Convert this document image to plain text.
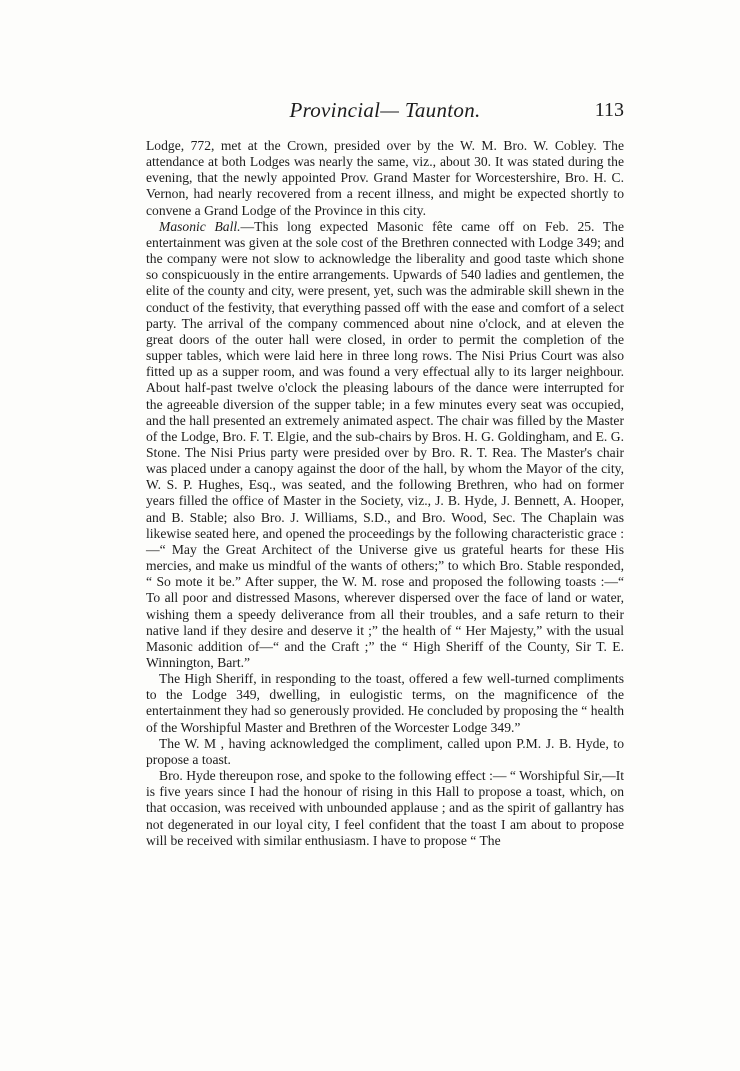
Provincial— Taunton.	113

Lodge, 772, met at the Crown, presided over by the W. M. Bro. W. Cobley. The attendance at both Lodges was nearly the same, viz., about 30. It was stated during the evening, that the newly appointed Prov. Grand Master for Worcestershire, Bro. H. C. Vernon, had nearly recovered from a recent illness, and might be expected shortly to convene a Grand Lodge of the Province in this city.

Masonic Ball.—This long expected Masonic fête came off on Feb. 25. The entertainment was given at the sole cost of the Brethren connected with Lodge 349; and the company were not slow to acknowledge the liberality and good taste which shone so conspicuously in the entire arrangements. Upwards of 540 ladies and gentlemen, the elite of the county and city, were present, yet, such was the admirable skill shewn in the conduct of the festivity, that everything passed off with the ease and comfort of a select party. The arrival of the company commenced about nine o'clock, and at eleven the great doors of the outer hall were closed, in order to permit the completion of the supper tables, which were laid here in three long rows. The Nisi Prius Court was also fitted up as a supper room, and was found a very effectual ally to its larger neighbour. About half-past twelve o'clock the pleasing labours of the dance were interrupted for the agreeable diversion of the supper table; in a few minutes every seat was occupied, and the hall presented an extremely animated aspect. The chair was filled by the Master of the Lodge, Bro. F. T. Elgie, and the sub-chairs by Bros. H. G. Goldingham, and E. G. Stone. The Nisi Prius party were presided over by Bro. R. T. Rea. The Master's chair was placed under a canopy against the door of the hall, by whom the Mayor of the city, W. S. P. Hughes, Esq., was seated, and the following Brethren, who had on former years filled the office of Master in the Society, viz., J. B. Hyde, J. Bennett, A. Hooper, and B. Stable; also Bro. J. Williams, S.D., and Bro. Wood, Sec. The Chaplain was likewise seated here, and opened the proceedings by the following characteristic grace :—“ May the Great Architect of the Universe give us grateful hearts for these His mercies, and make us mindful of the wants of others;” to which Bro. Stable responded, “ So mote it be.” After supper, the W. M. rose and proposed the following toasts :—“ To all poor and distressed Masons, wherever dispersed over the face of land or water, wishing them a speedy deliverance from all their troubles, and a safe return to their native land if they desire and deserve it ;” the health of “ Her Majesty,” with the usual Masonic addition of—“ and the Craft ;” the “ High Sheriff of the County, Sir T. E. Winnington, Bart.”

The High Sheriff, in responding to the toast, offered a few well-turned compliments to the Lodge 349, dwelling, in eulogistic terms, on the magnificence of the entertainment they had so generously provided. He concluded by proposing the “ health of the Worshipful Master and Brethren of the Worcester Lodge 349.”

The W. M , having acknowledged the compliment, called upon P.M. J. B. Hyde, to propose a toast.

Bro. Hyde thereupon rose, and spoke to the following effect :— “ Worshipful Sir,—It is five years since I had the honour of rising in this Hall to propose a toast, which, on that occasion, was received with unbounded applause ; and as the spirit of gallantry has not degenerated in our loyal city, I feel confident that the toast I am about to propose will be received with similar enthusiasm. I have to propose “ The
